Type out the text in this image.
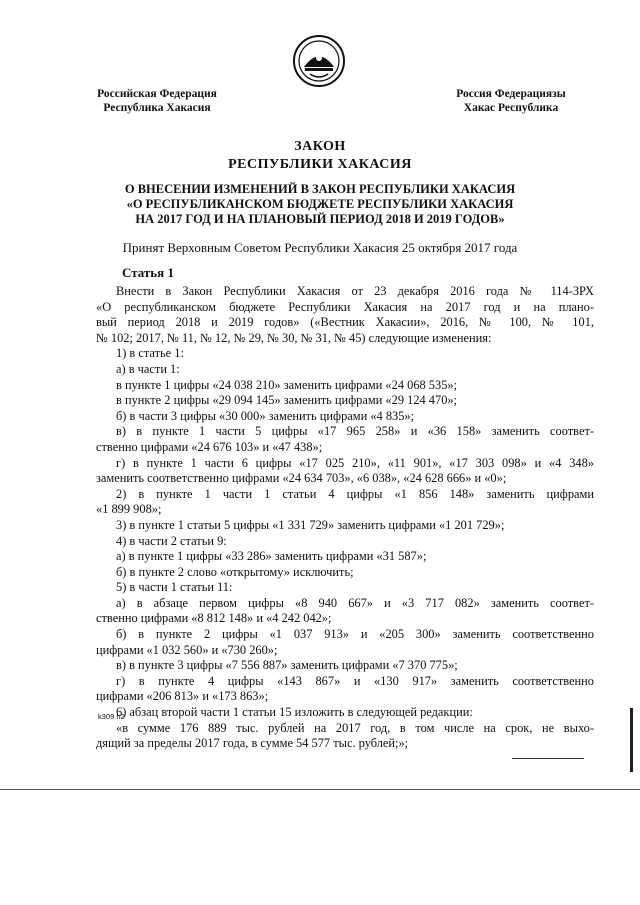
Российская Федерация
Республика Хакасия
Россия Федерациязы
Хакас Республика
ЗАКОН
РЕСПУБЛИКИ ХАКАСИЯ
О ВНЕСЕНИИ ИЗМЕНЕНИЙ В ЗАКОН РЕСПУБЛИКИ ХАКАСИЯ
«О РЕСПУБЛИКАНСКОМ БЮДЖЕТЕ РЕСПУБЛИКИ ХАКАСИЯ
НА 2017 ГОД И НА ПЛАНОВЫЙ ПЕРИОД 2018 И 2019 ГОДОВ»
Принят Верховным Советом Республики Хакасия 25 октября 2017 года
Статья 1
Внести в Закон Республики Хакасия от 23 декабря 2016 года № 114-ЗРХ
«О республиканском бюджете Республики Хакасия на 2017 год и на плано-
вый период 2018 и 2019 годов» («Вестник Хакасии», 2016, № 100, № 101,
№ 102; 2017, № 11, № 12, № 29, № 30, № 31, № 45) следующие изменения:
1) в статье 1:
а) в части 1:
в пункте 1 цифры «24 038 210» заменить цифрами «24 068 535»;
в пункте 2 цифры «29 094 145» заменить цифрами «29 124 470»;
б) в части 3 цифры «30 000» заменить цифрами «4 835»;
в) в пункте 1 части 5 цифры «17 965 258» и «36 158» заменить соответ-
ственно цифрами «24 676 103» и «47 438»;
г) в пункте 1 части 6 цифры «17 025 210», «11 901», «17 303 098» и «4 348»
заменить соответственно цифрами «24 634 703», «6 038», «24 628 666» и «0»;
2) в пункте 1 части 1 статьи 4 цифры «1 856 148» заменить цифрами
«1 899 908»;
3) в пункте 1 статьи 5 цифры «1 331 729» заменить цифрами «1 201 729»;
4) в части 2 статьи 9:
а) в пункте 1 цифры «33 286» заменить цифрами «31 587»;
б) в пункте 2 слово «открытому» исключить;
5) в части 1 статьи 11:
а) в абзаце первом цифры «8 940 667» и «3 717 082» заменить соответ-
ственно цифрами «8 812 148» и «4 242 042»;
б) в пункте 2 цифры «1 037 913» и «205 300» заменить соответственно
цифрами «1 032 560» и «730 260»;
в) в пункте 3 цифры «7 556 887» заменить цифрами «7 370 775»;
г) в пункте 4 цифры «143 867» и «130 917» заменить соответственно
цифрами «206 813» и «173 863»;
6) абзац второй части 1 статьи 15 изложить в следующей редакции:
«в сумме 176 889 тыс. рублей на 2017 год, в том числе на срок, не выхо-
дящий за пределы 2017 года, в сумме 54 577 тыс. рублей;»;
k309 h2
